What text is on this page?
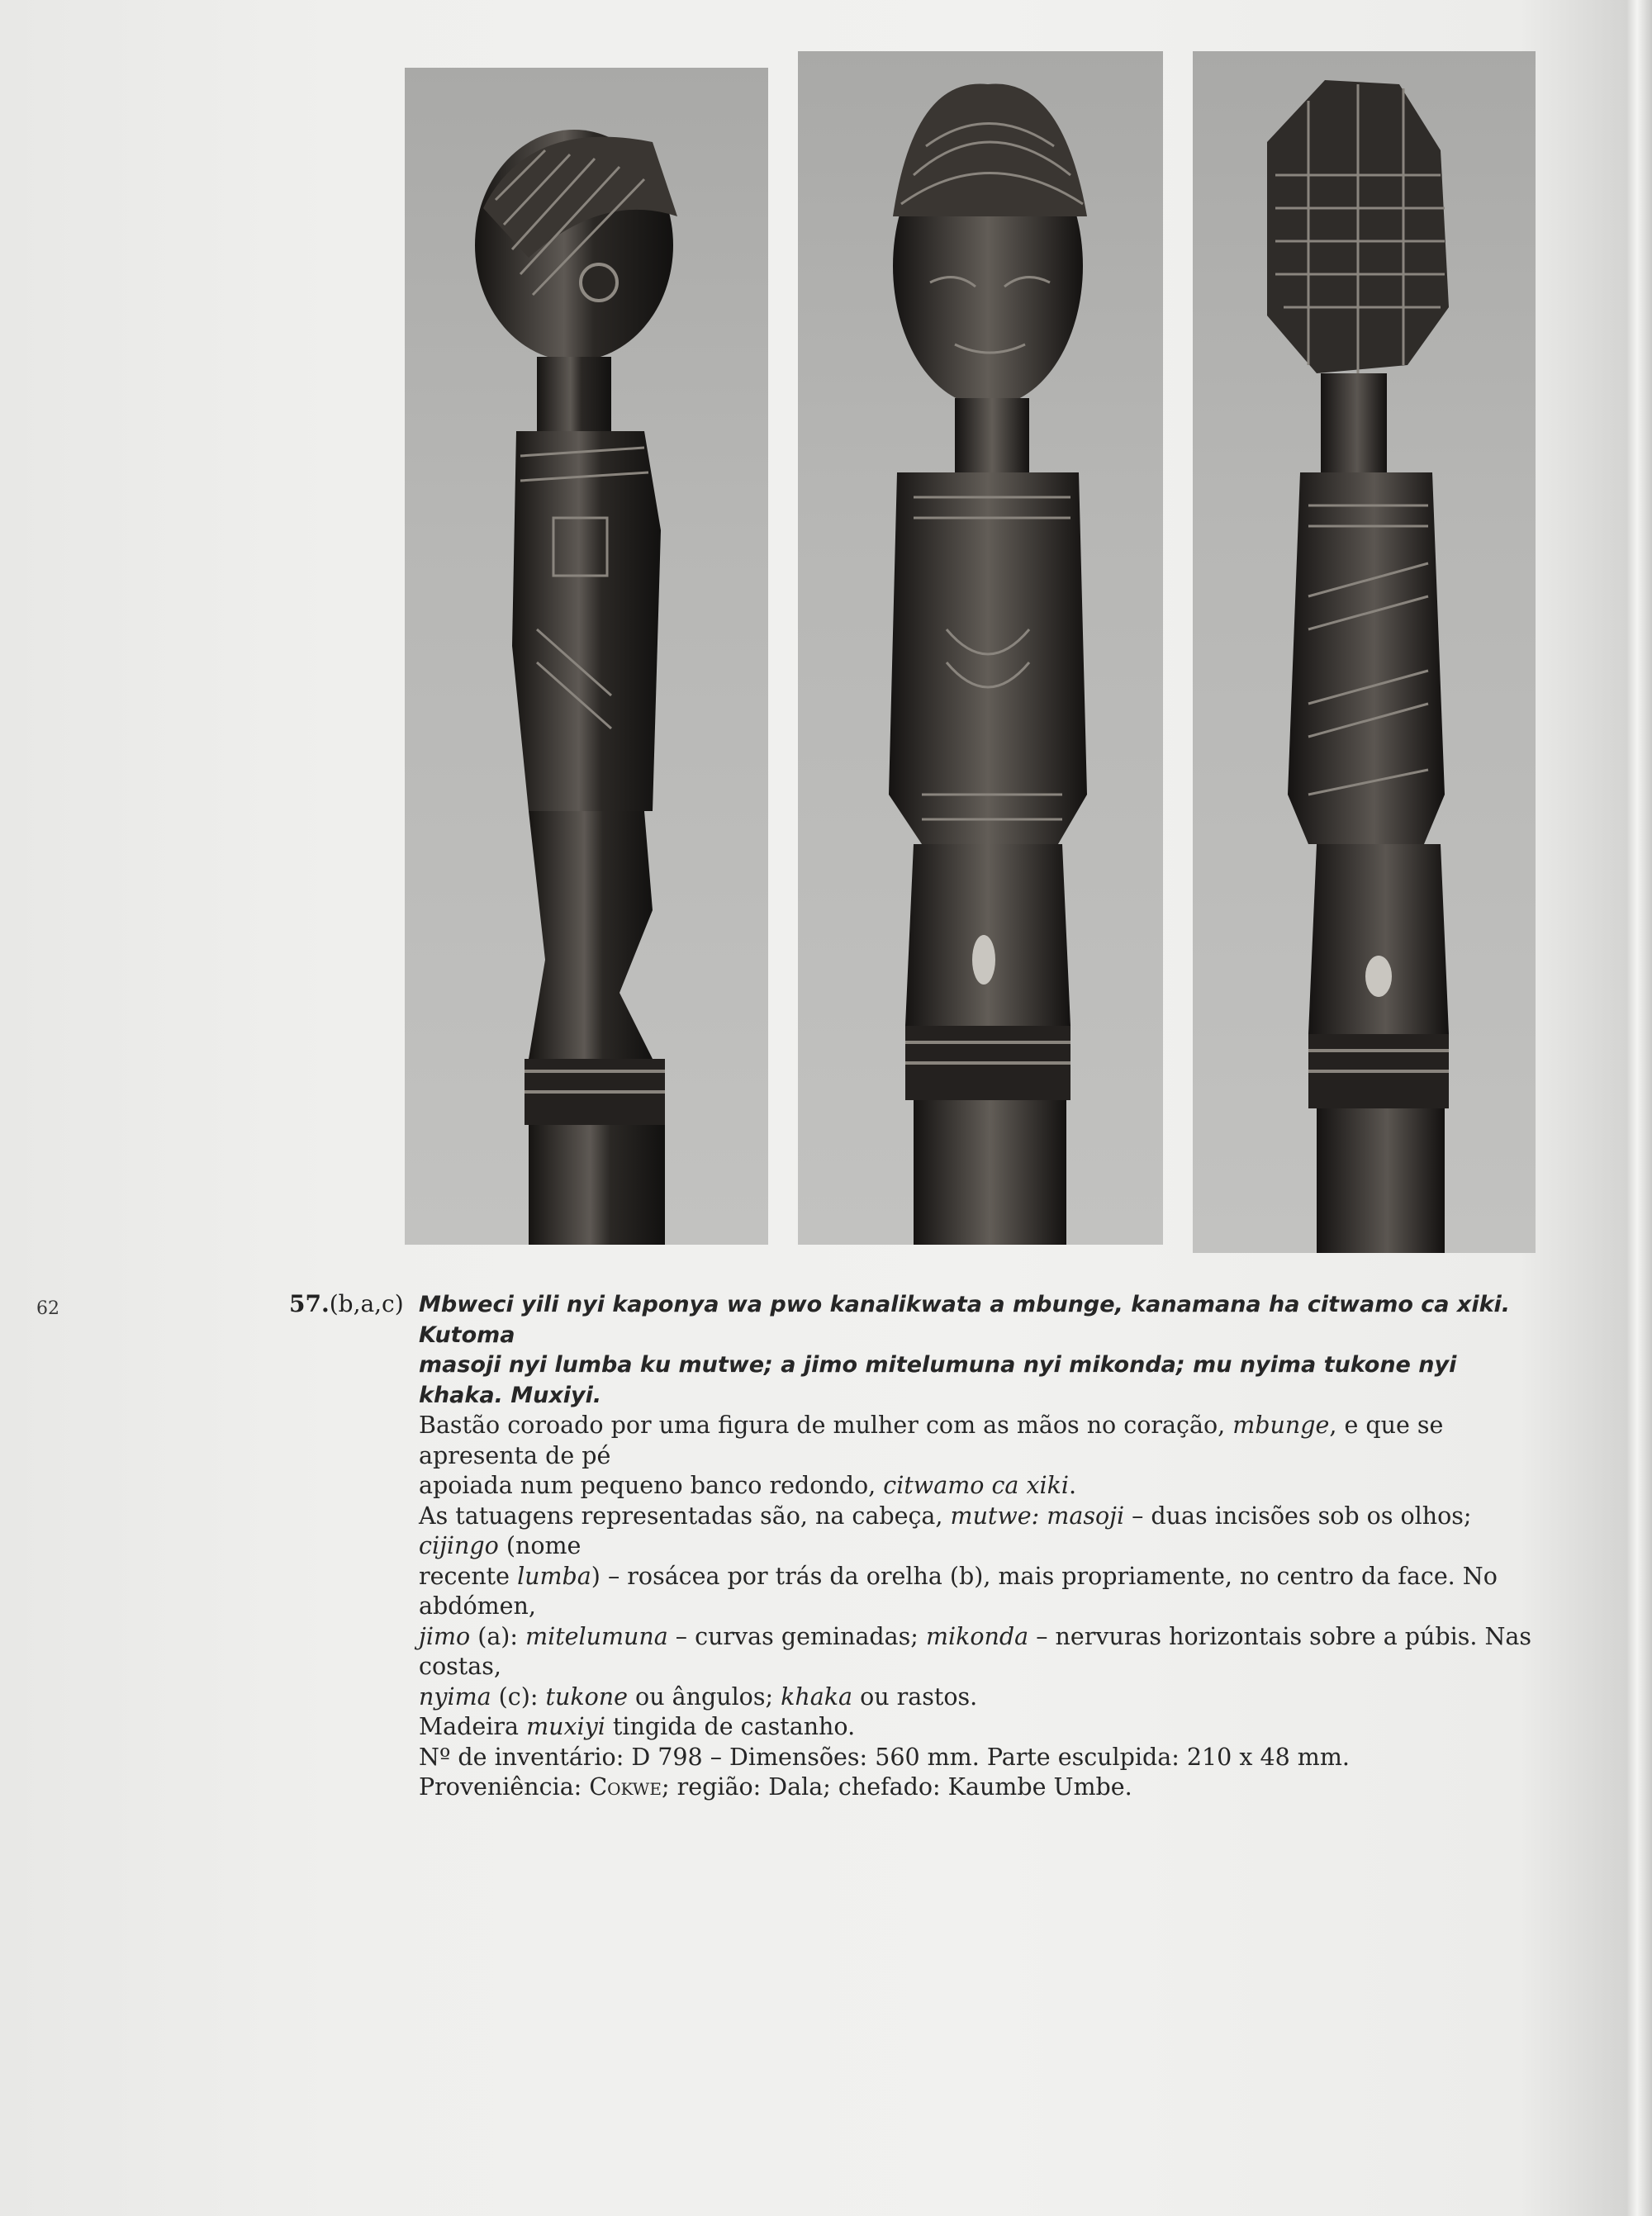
62	57.(b,a,c) Mbweci yili nyi kaponya wa pwo kanalikwata a mbunge, kanamana ha citwamo ca xiki. Kutoma

masoji nyi lumba ku mutwe; a jimo mitelumuna nyi mikonda; mu nyima tukone nyi khaka. Muxiyi.

Bastão coroado por uma figura de mulher com as mãos no coração, mbunge, e que se apresenta de pé

apoiada num pequeno banco redondo, citwamo ca xiki.

As tatuagens representadas são, na cabeça, mutwe: masoji – duas incisões sob os olhos; cijingo (nome

recente lumba) – rosácea por trás da orelha (b), mais propriamente, no centro da face. No abdómen,

jimo (a): mitelumuna – curvas geminadas; mikonda – nervuras horizontais sobre a púbis. Nas costas,

nyima (c): tukone ou ângulos; khaka ou rastos.

Madeira muxiyi tingida de castanho.

Nº de inventário: D 798 – Dimensões: 560 mm. Parte esculpida: 210 x 48 mm.

Proveniência: Cokwe; região: Dala; chefado: Kaumbe Umbe.
